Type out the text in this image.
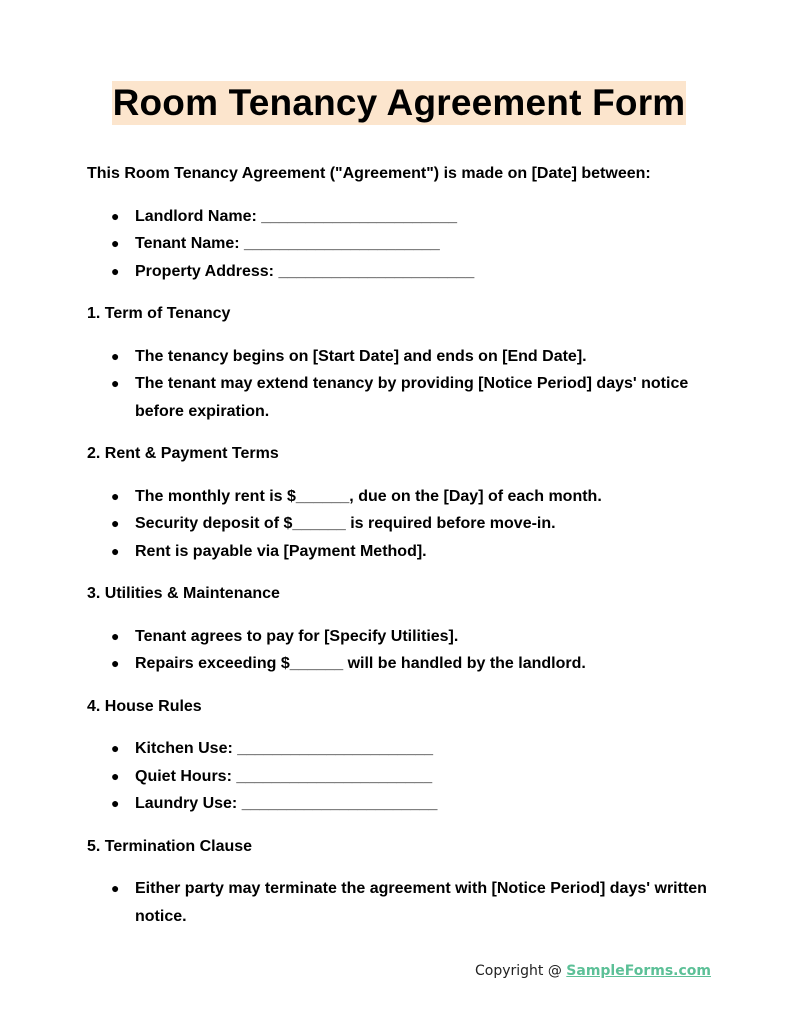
Room Tenancy Agreement Form

This Room Tenancy Agreement ("Agreement") is made on [Date] between:

● Landlord Name: ______________________
● Tenant Name: ______________________
● Property Address: ______________________

1. Term of Tenancy

● The tenancy begins on [Start Date] and ends on [End Date].
● The tenant may extend tenancy by providing [Notice Period] days' notice before expiration.

2. Rent & Payment Terms

● The monthly rent is $______, due on the [Day] of each month.
● Security deposit of $______ is required before move-in.
● Rent is payable via [Payment Method].

3. Utilities & Maintenance

● Tenant agrees to pay for [Specify Utilities].
● Repairs exceeding $______ will be handled by the landlord.

4. House Rules

● Kitchen Use: ______________________
● Quiet Hours: ______________________
● Laundry Use: ______________________

5. Termination Clause

● Either party may terminate the agreement with [Notice Period] days' written notice.
Copyright @ SampleForms.com
